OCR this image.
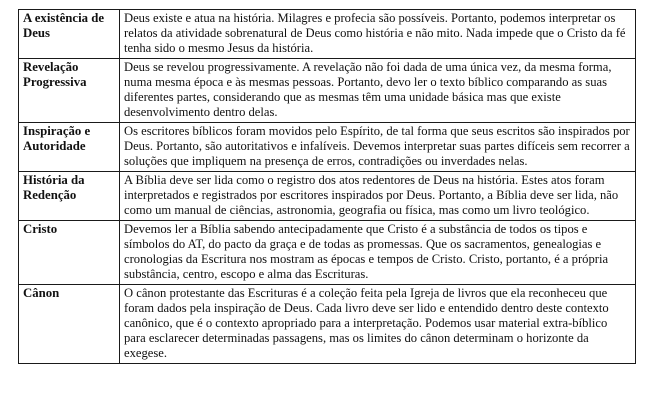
A existência de Deus	Deus existe e atua na história. Milagres e profecia são possíveis. Portanto, podemos interpretar os relatos da atividade sobrenatural de Deus como história e não mito. Nada impede que o Cristo da fé tenha sido o mesmo Jesus da história.
Revelação Progressiva	Deus se revelou progressivamente. A revelação não foi dada de uma única vez, da mesma forma, numa mesma época e às mesmas pessoas. Portanto, devo ler o texto bíblico comparando as suas diferentes partes, considerando que as mesmas têm uma unidade básica mas que existe desenvolvimento dentro delas.
Inspiração e Autoridade	Os escritores bíblicos foram movidos pelo Espírito, de tal forma que seus escritos são inspirados por Deus. Portanto, são autoritativos e infalíveis. Devemos interpretar suas partes difíceis sem recorrer a soluções que impliquem na presença de erros, contradições ou inverdades nelas.
História da Redenção	A Bíblia deve ser lida como o registro dos atos redentores de Deus na história. Estes atos foram interpretados e registrados por escritores inspirados por Deus. Portanto, a Bíblia deve ser lida, não como um manual de ciências, astronomia, geografia ou física, mas como um livro teológico.
Cristo	Devemos ler a Bíblia sabendo antecipadamente que Cristo é a substância de todos os tipos e símbolos do AT, do pacto da graça e de todas as promessas. Que os sacramentos, genealogias e cronologias da Escritura nos mostram as épocas e tempos de Cristo. Cristo, portanto, é a própria substância, centro, escopo e alma das Escrituras.
Cânon	O cânon protestante das Escrituras é a coleção feita pela Igreja de livros que ela reconheceu que foram dados pela inspiração de Deus. Cada livro deve ser lido e entendido dentro deste contexto canônico, que é o contexto apropriado para a interpretação. Podemos usar material extra-bíblico para esclarecer determinadas passagens, mas os limites do cânon determinam o horizonte da exegese.
